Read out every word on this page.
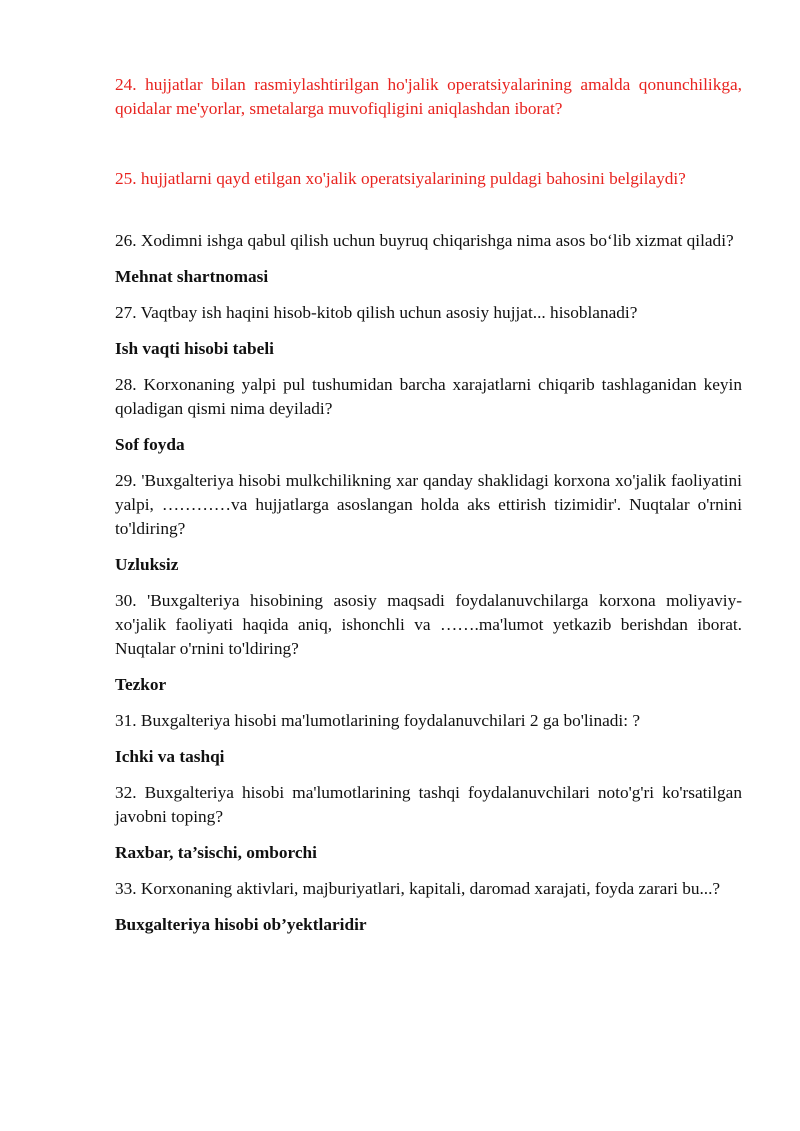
24. hujjatlar bilan rasmiylashtirilgan ho'jalik operatsiyalarining amalda qonunchilikga, qoidalar me'yorlar, smetalarga muvofiqligini aniqlashdan iborat?

25. hujjatlarni qayd etilgan xo'jalik operatsiyalarining puldagi bahosini belgilaydi?

26. Xodimni ishga qabul qilish uchun buyruq chiqarishga nima asos bo‘lib xizmat qiladi?

Mehnat shartnomasi

27. Vaqtbay ish haqini hisob-kitob qilish uchun asosiy hujjat... hisoblanadi?

Ish vaqti hisobi tabeli

28. Korxonaning yalpi pul tushumidan barcha xarajatlarni chiqarib tashlaganidan keyin qoladigan qismi nima deyiladi?

Sof foyda

29. 'Buxgalteriya hisobi mulkchilikning xar qanday shaklidagi korxona xo'jalik faoliyatini yalpi, …………va hujjatlarga asoslangan holda aks ettirish tizimidir'. Nuqtalar o'rnini to'ldiring?

Uzluksiz

30. 'Buxgalteriya hisobining asosiy maqsadi foydalanuvchilarga korxona moliyaviy-xo'jalik faoliyati haqida aniq, ishonchli va …….ma'lumot yetkazib berishdan iborat. Nuqtalar o'rnini to'ldiring?

Tezkor

31. Buxgalteriya hisobi ma'lumotlarining foydalanuvchilari 2 ga bo'linadi: ?

Ichki va tashqi

32. Buxgalteriya hisobi ma'lumotlarining tashqi foydalanuvchilari noto'g'ri ko'rsatilgan javobni toping?

Raxbar, ta’sischi, omborchi

33. Korxonaning aktivlari, majburiyatlari, kapitali, daromad xarajati, foyda zarari bu...?

Buxgalteriya hisobi ob’yektlaridir
